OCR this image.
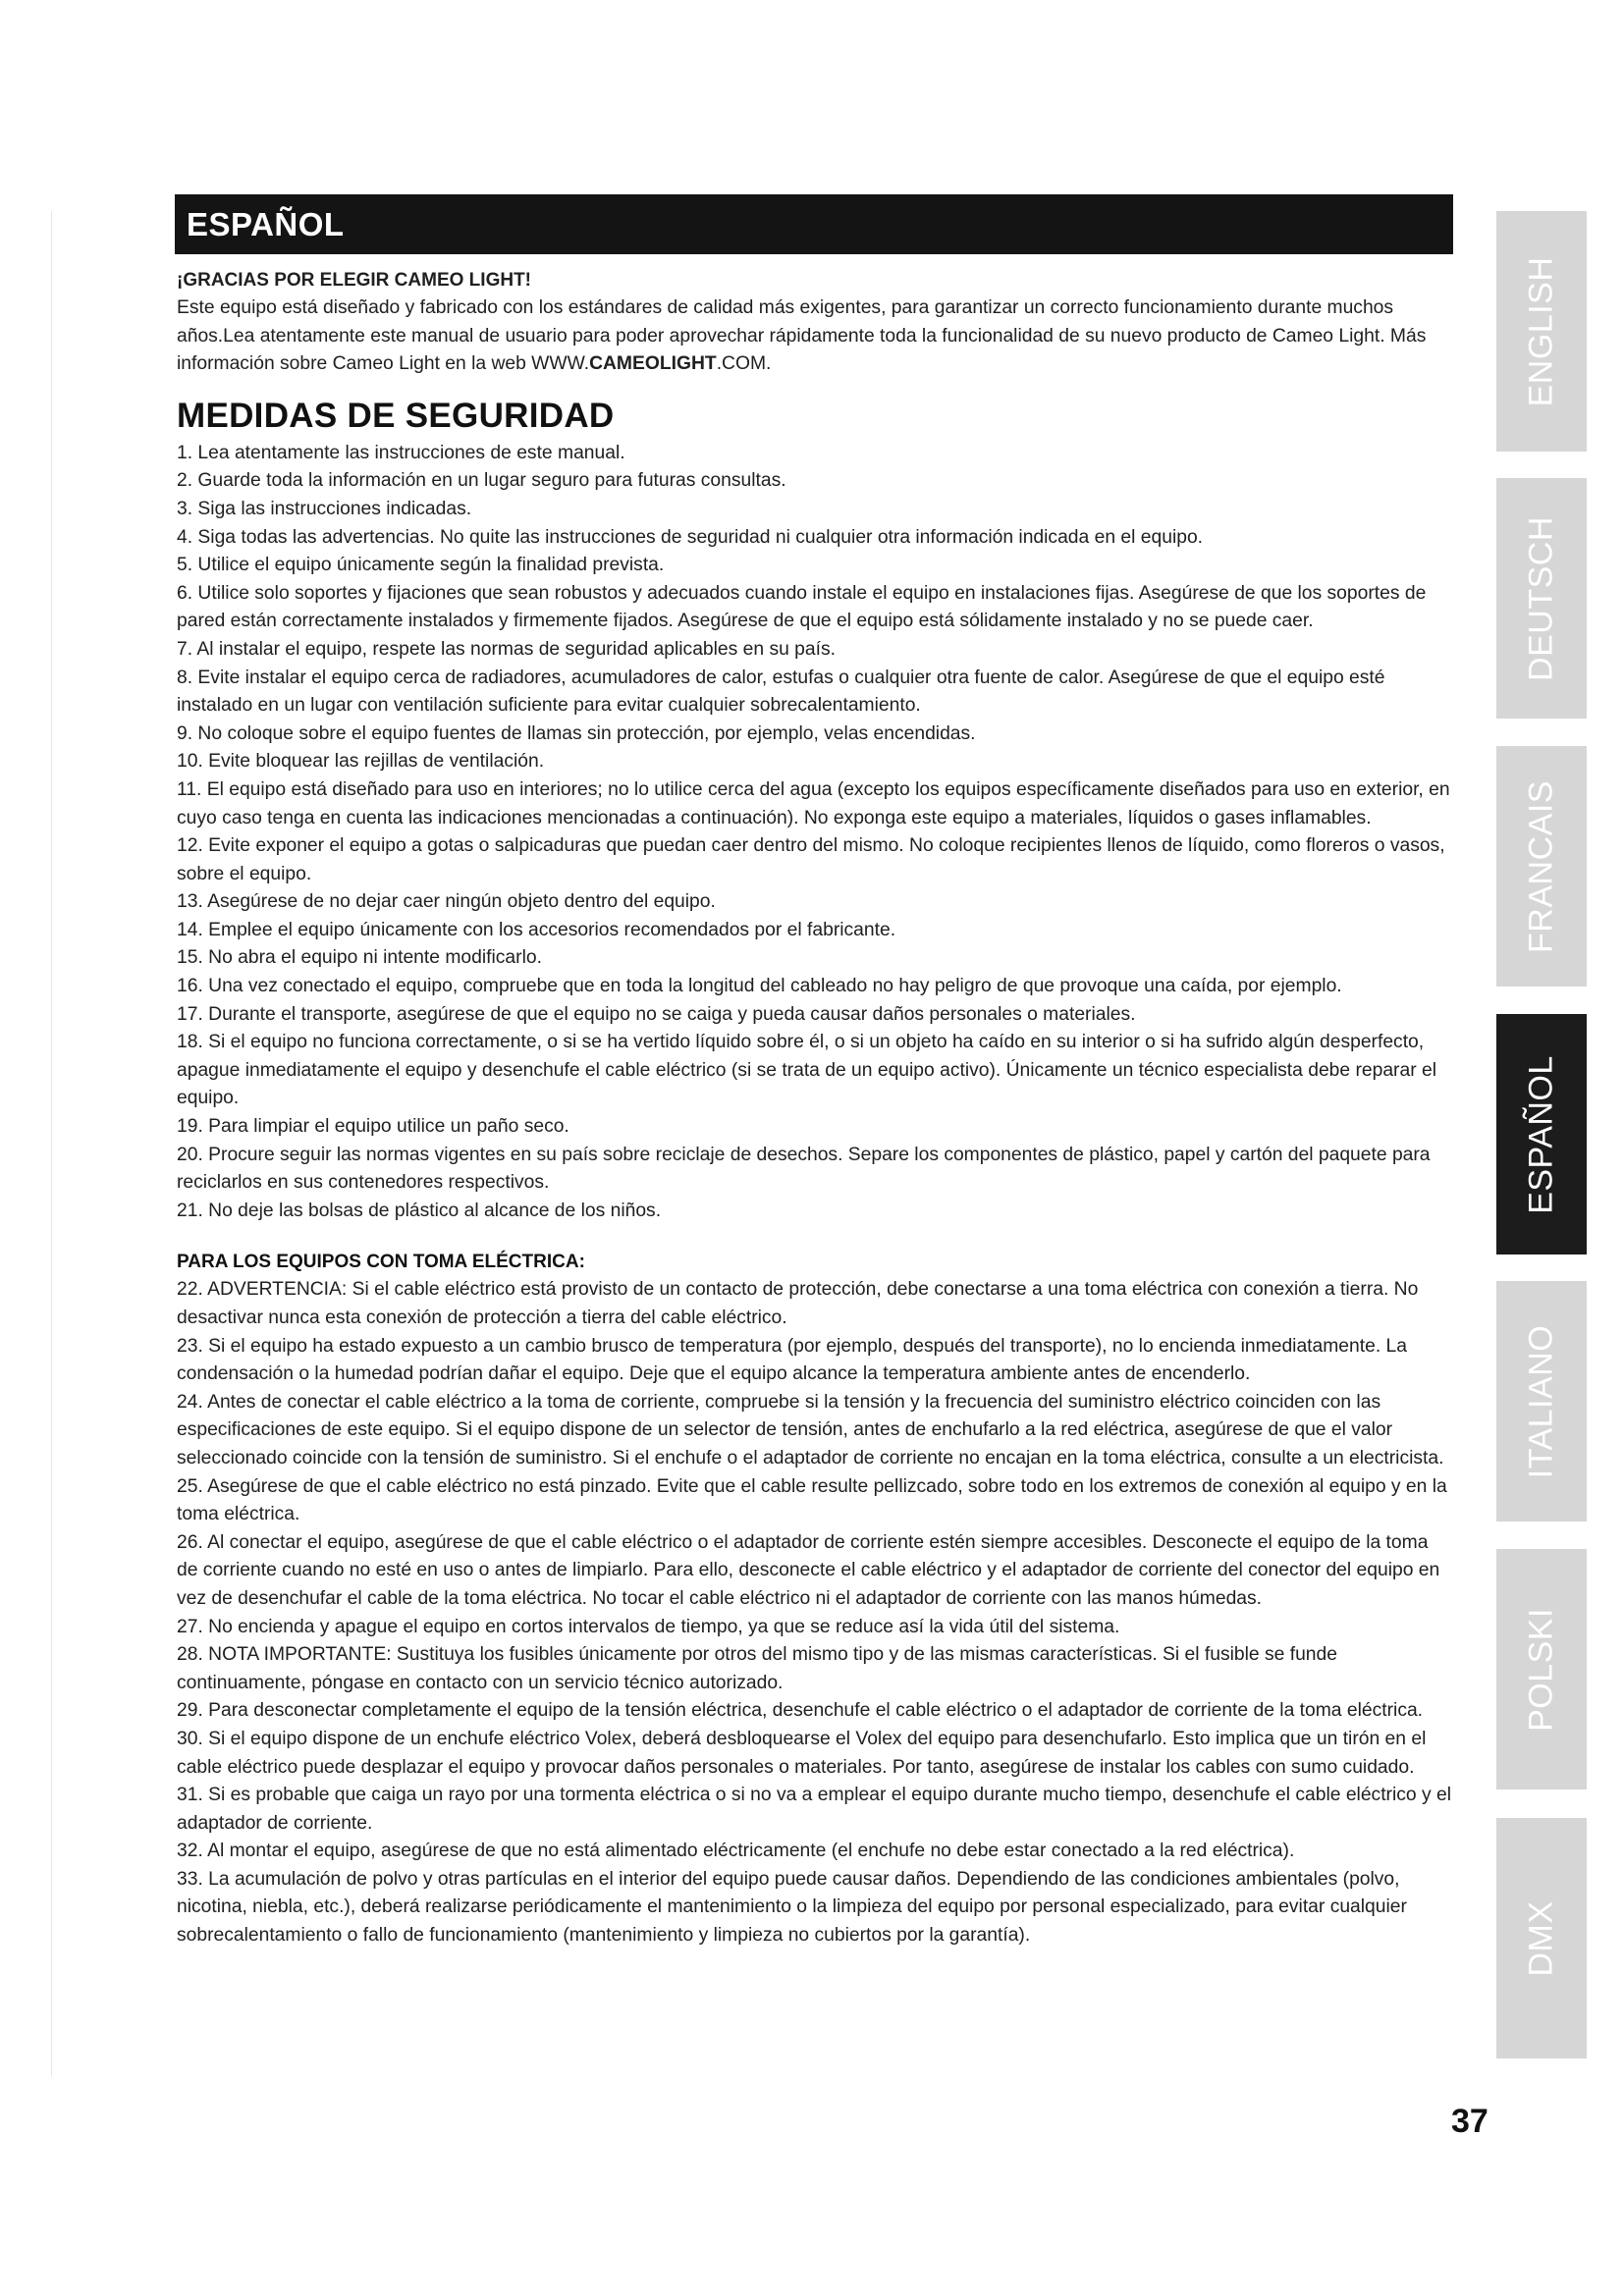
ESPAÑOL

¡GRACIAS POR ELEGIR CAMEO LIGHT!

Este equipo está diseñado y fabricado con los estándares de calidad más exigentes, para garantizar un correcto funcionamiento durante muchos años.Lea atentamente este manual de usuario para poder aprovechar rápidamente toda la funcionalidad de su nuevo producto de Cameo Light. Más información sobre Cameo Light en la web WWW.CAMEOLIGHT.COM.

MEDIDAS DE SEGURIDAD
1. Lea atentamente las instrucciones de este manual.
2. Guarde toda la información en un lugar seguro para futuras consultas.
3. Siga las instrucciones indicadas.
4. Siga todas las advertencias. No quite las instrucciones de seguridad ni cualquier otra información indicada en el equipo.
5. Utilice el equipo únicamente según la finalidad prevista.
6. Utilice solo soportes y fijaciones que sean robustos y adecuados cuando instale el equipo en instalaciones fijas. Asegúrese de que los soportes de pared están correctamente instalados y firmemente fijados. Asegúrese de que el equipo está sólidamente instalado y no se puede caer.
7. Al instalar el equipo, respete las normas de seguridad aplicables en su país.
8. Evite instalar el equipo cerca de radiadores, acumuladores de calor, estufas o cualquier otra fuente de calor. Asegúrese de que el equipo esté instalado en un lugar con ventilación suficiente para evitar cualquier sobrecalentamiento.
9. No coloque sobre el equipo fuentes de llamas sin protección, por ejemplo, velas encendidas.
10. Evite bloquear las rejillas de ventilación.
11. El equipo está diseñado para uso en interiores; no lo utilice cerca del agua (excepto los equipos específicamente diseñados para uso en exterior, en cuyo caso tenga en cuenta las indicaciones mencionadas a continuación). No exponga este equipo a materiales, líquidos o gases inflamables.
12. Evite exponer el equipo a gotas o salpicaduras que puedan caer dentro del mismo. No coloque recipientes llenos de líquido, como floreros o vasos, sobre el equipo.
13. Asegúrese de no dejar caer ningún objeto dentro del equipo.
14. Emplee el equipo únicamente con los accesorios recomendados por el fabricante.
15. No abra el equipo ni intente modificarlo.
16. Una vez conectado el equipo, compruebe que en toda la longitud del cableado no hay peligro de que provoque una caída, por ejemplo.
17. Durante el transporte, asegúrese de que el equipo no se caiga y pueda causar daños personales o materiales.
18. Si el equipo no funciona correctamente, o si se ha vertido líquido sobre él, o si un objeto ha caído en su interior o si ha sufrido algún desperfecto, apague inmediatamente el equipo y desenchufe el cable eléctrico (si se trata de un equipo activo). Únicamente un técnico especialista debe reparar el equipo.
19. Para limpiar el equipo utilice un paño seco.
20. Procure seguir las normas vigentes en su país sobre reciclaje de desechos. Separe los componentes de plástico, papel y cartón del paquete para reciclarlos en sus contenedores respectivos.
21. No deje las bolsas de plástico al alcance de los niños.
PARA LOS EQUIPOS CON TOMA ELÉCTRICA:
22. ADVERTENCIA: Si el cable eléctrico está provisto de un contacto de protección, debe conectarse a una toma eléctrica con conexión a tierra. No desactivar nunca esta conexión de protección a tierra del cable eléctrico.
23. Si el equipo ha estado expuesto a un cambio brusco de temperatura (por ejemplo, después del transporte), no lo encienda inmediatamente. La condensación o la humedad podrían dañar el equipo. Deje que el equipo alcance la temperatura ambiente antes de encenderlo.
24. Antes de conectar el cable eléctrico a la toma de corriente, compruebe si la tensión y la frecuencia del suministro eléctrico coinciden con las especificaciones de este equipo. Si el equipo dispone de un selector de tensión, antes de enchufarlo a la red eléctrica, asegúrese de que el valor seleccionado coincide con la tensión de suministro. Si el enchufe o el adaptador de corriente no encajan en la toma eléctrica, consulte a un electricista.
25. Asegúrese de que el cable eléctrico no está pinzado. Evite que el cable resulte pellizcado, sobre todo en los extremos de conexión al equipo y en la toma eléctrica.
26. Al conectar el equipo, asegúrese de que el cable eléctrico o el adaptador de corriente estén siempre accesibles. Desconecte el equipo de la toma de corriente cuando no esté en uso o antes de limpiarlo. Para ello, desconecte el cable eléctrico y el adaptador de corriente del conector del equipo en vez de desenchufar el cable de la toma eléctrica. No tocar el cable eléctrico ni el adaptador de corriente con las manos húmedas.
27. No encienda y apague el equipo en cortos intervalos de tiempo, ya que se reduce así la vida útil del sistema.
28. NOTA IMPORTANTE: Sustituya los fusibles únicamente por otros del mismo tipo y de las mismas características. Si el fusible se funde continuamente, póngase en contacto con un servicio técnico autorizado.
29. Para desconectar completamente el equipo de la tensión eléctrica, desenchufe el cable eléctrico o el adaptador de corriente de la toma eléctrica.
30. Si el equipo dispone de un enchufe eléctrico Volex, deberá desbloquearse el Volex del equipo para desenchufarlo. Esto implica que un tirón en el cable eléctrico puede desplazar el equipo y provocar daños personales o materiales. Por tanto, asegúrese de instalar los cables con sumo cuidado.
31. Si es probable que caiga un rayo por una tormenta eléctrica o si no va a emplear el equipo durante mucho tiempo, desenchufe el cable eléctrico y el adaptador de corriente.
32. Al montar el equipo, asegúrese de que no está alimentado eléctricamente (el enchufe no debe estar conectado a la red eléctrica).
33. La acumulación de polvo y otras partículas en el interior del equipo puede causar daños. Dependiendo de las condiciones ambientales (polvo, nicotina, niebla, etc.), deberá realizarse periódicamente el mantenimiento o la limpieza del equipo por personal especializado, para evitar cualquier sobrecalentamiento o fallo de funcionamiento (mantenimiento y limpieza no cubiertos por la garantía).
ENGLISH
DEUTSCH
FRANCAIS
ESPAÑOL
ITALIANO
POLSKI
DMX
37
